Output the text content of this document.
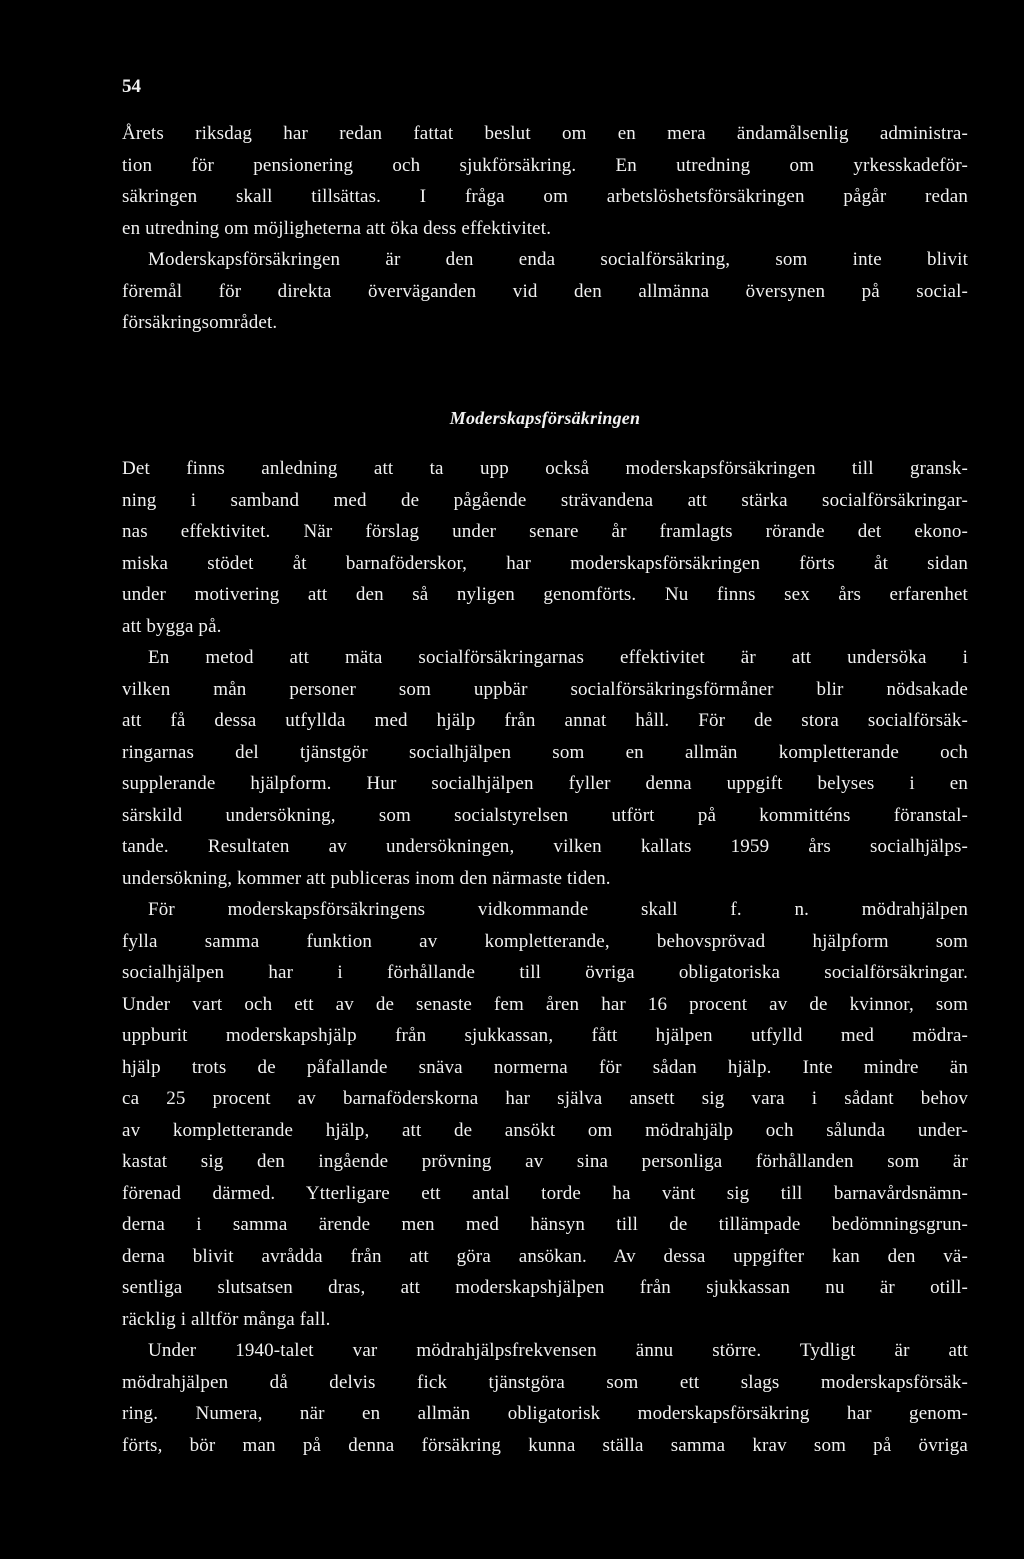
54
Årets riksdag har redan fattat beslut om en mera ändamålsenlig administra-
tion för pensionering och sjukförsäkring. En utredning om yrkesskadeför-
säkringen skall tillsättas. I fråga om arbetslöshetsförsäkringen pågår redan
en utredning om möjligheterna att öka dess effektivitet.
Moderskapsförsäkringen är den enda socialförsäkring, som inte blivit
föremål för direkta överväganden vid den allmänna översynen på social-
försäkringsområdet.
Moderskapsförsäkringen
Det finns anledning att ta upp också moderskapsförsäkringen till gransk-
ning i samband med de pågående strävandena att stärka socialförsäkringar-
nas effektivitet. När förslag under senare år framlagts rörande det ekono-
miska stödet åt barnaföderskor, har moderskapsförsäkringen förts åt sidan
under motivering att den så nyligen genomförts. Nu finns sex års erfarenhet
att bygga på.
En metod att mäta socialförsäkringarnas effektivitet är att undersöka i
vilken mån personer som uppbär socialförsäkringsförmåner blir nödsakade
att få dessa utfyllda med hjälp från annat håll. För de stora socialförsäk-
ringarnas del tjänstgör socialhjälpen som en allmän kompletterande och
supplerande hjälpform. Hur socialhjälpen fyller denna uppgift belyses i en
särskild undersökning, som socialstyrelsen utfört på kommitténs föranstal-
tande. Resultaten av undersökningen, vilken kallats 1959 års socialhjälps-
undersökning, kommer att publiceras inom den närmaste tiden.
För moderskapsförsäkringens vidkommande skall f. n. mödrahjälpen
fylla samma funktion av kompletterande, behovsprövad hjälpform som
socialhjälpen har i förhållande till övriga obligatoriska socialförsäkringar.
Under vart och ett av de senaste fem åren har 16 procent av de kvinnor, som
uppburit moderskapshjälp från sjukkassan, fått hjälpen utfylld med mödra-
hjälp trots de påfallande snäva normerna för sådan hjälp. Inte mindre än
ca 25 procent av barnaföderskorna har själva ansett sig vara i sådant behov
av kompletterande hjälp, att de ansökt om mödrahjälp och sålunda under-
kastat sig den ingående prövning av sina personliga förhållanden som är
förenad därmed. Ytterligare ett antal torde ha vänt sig till barnavårdsnämn-
derna i samma ärende men med hänsyn till de tillämpade bedömningsgrun-
derna blivit avrådda från att göra ansökan. Av dessa uppgifter kan den vä-
sentliga slutsatsen dras, att moderskapshjälpen från sjukkassan nu är otill-
räcklig i alltför många fall.
Under 1940-talet var mödrahjälpsfrekvensen ännu större. Tydligt är att
mödrahjälpen då delvis fick tjänstgöra som ett slags moderskapsförsäk-
ring. Numera, när en allmän obligatorisk moderskapsförsäkring har genom-
förts, bör man på denna försäkring kunna ställa samma krav som på övriga
